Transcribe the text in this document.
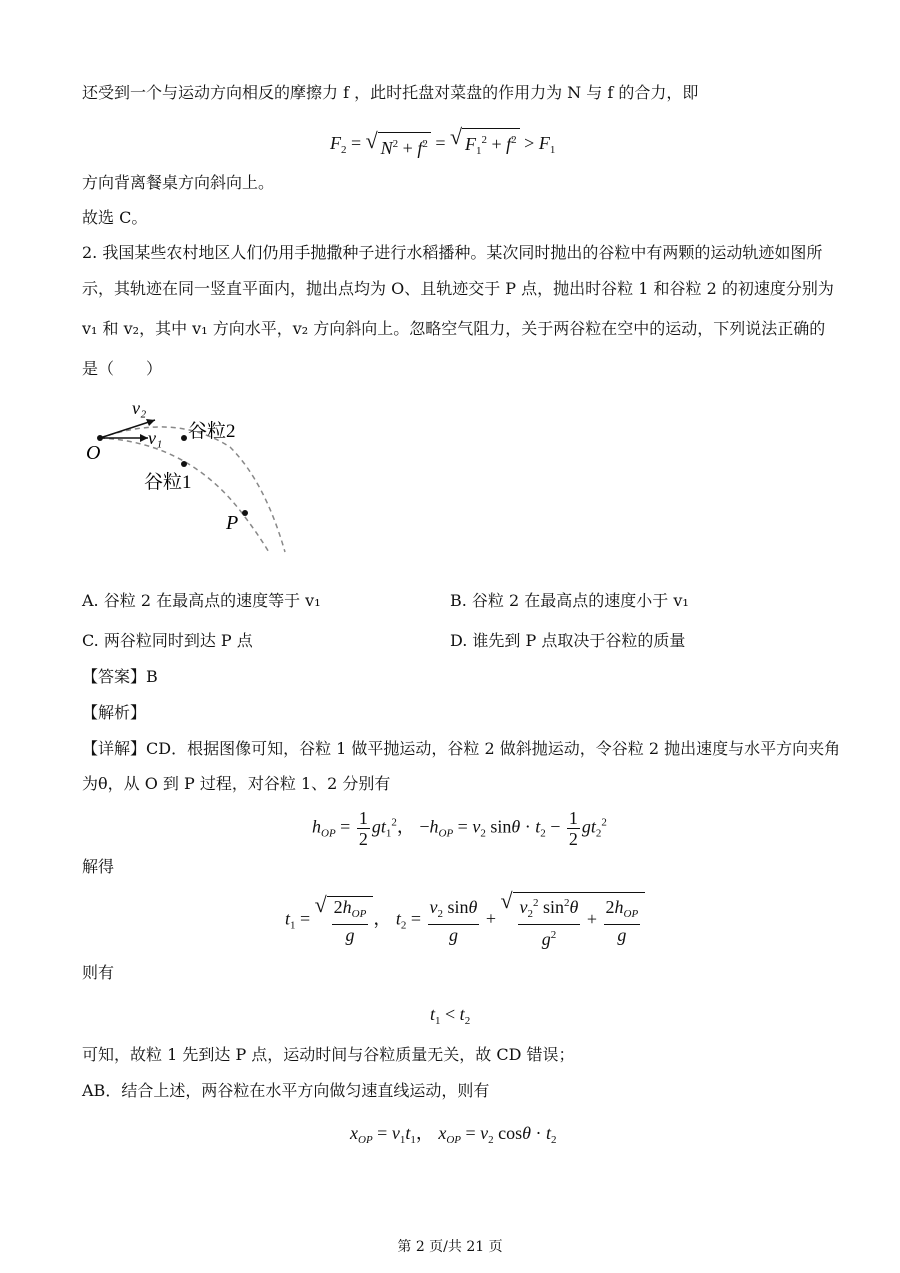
还受到一个与运动方向相反的摩擦力 f ，此时托盘对菜盘的作用力为 N 与 f 的合力，即
$F_2$ = √ $N^2 + f^2$ = √ $F_1^2 + f^2 > F_1$
方向背离餐桌方向斜向上。
故选 C。
2. 我国某些农村地区人们仍用手抛撒种子进行水稻播种。某次同时抛出的谷粒中有两颗的运动轨迹如图所
示，其轨迹在同一竖直平面内，抛出点均为 O、且轨迹交于 P 点，抛出时谷粒 1 和谷粒 2 的初速度分别为
v₁ 和 v₂，其中 v₁ 方向水平，v₂ 方向斜向上。忽略空气阻力，关于两谷粒在空中的运动，下列说法正确的
是（　　）
O
P
v₂
v₁ 谷粒2
谷粒1
A. 谷粒 2 在最高点的速度等于 v₁	B. 谷粒 2 在最高点的速度小于 v₁
C. 两谷粒同时到达 P 点	D. 谁先到 P 点取决于谷粒的质量
【答案】B
【解析】
【详解】CD．根据图像可知，谷粒 1 做平抛运动，谷粒 2 做斜抛运动，令谷粒 2 抛出速度与水平方向夹角
为θ，从 O 到 P 过程，对谷粒 1、2 分别有
$h_{OP} = \frac{1}{2} gt_1^2$， $-h_{OP} = v_2$ $\sin\theta \cdot t_2 - \frac{1}{2} gt_2^2$
解得
$t_1$ =
√ $\frac{2h_{OP}}{g}$ ， $t_2 = \frac{v_2 \sin\theta}{g}$ +
√ $\frac{v_2^2 \sin^2\theta}{g^2} + \frac{2h_{OP}}{g}$
则有
$t_1 < t_2$
可知，故粒 1 先到达 P 点，运动时间与谷粒质量无关，故 CD 错误；
AB．结合上述，两谷粒在水平方向做匀速直线运动，则有
$x_{OP} = v_1t_1$， $x_{OP} = v_2$ $\cos\theta \cdot t_2$
第 2 页/共 21 页
